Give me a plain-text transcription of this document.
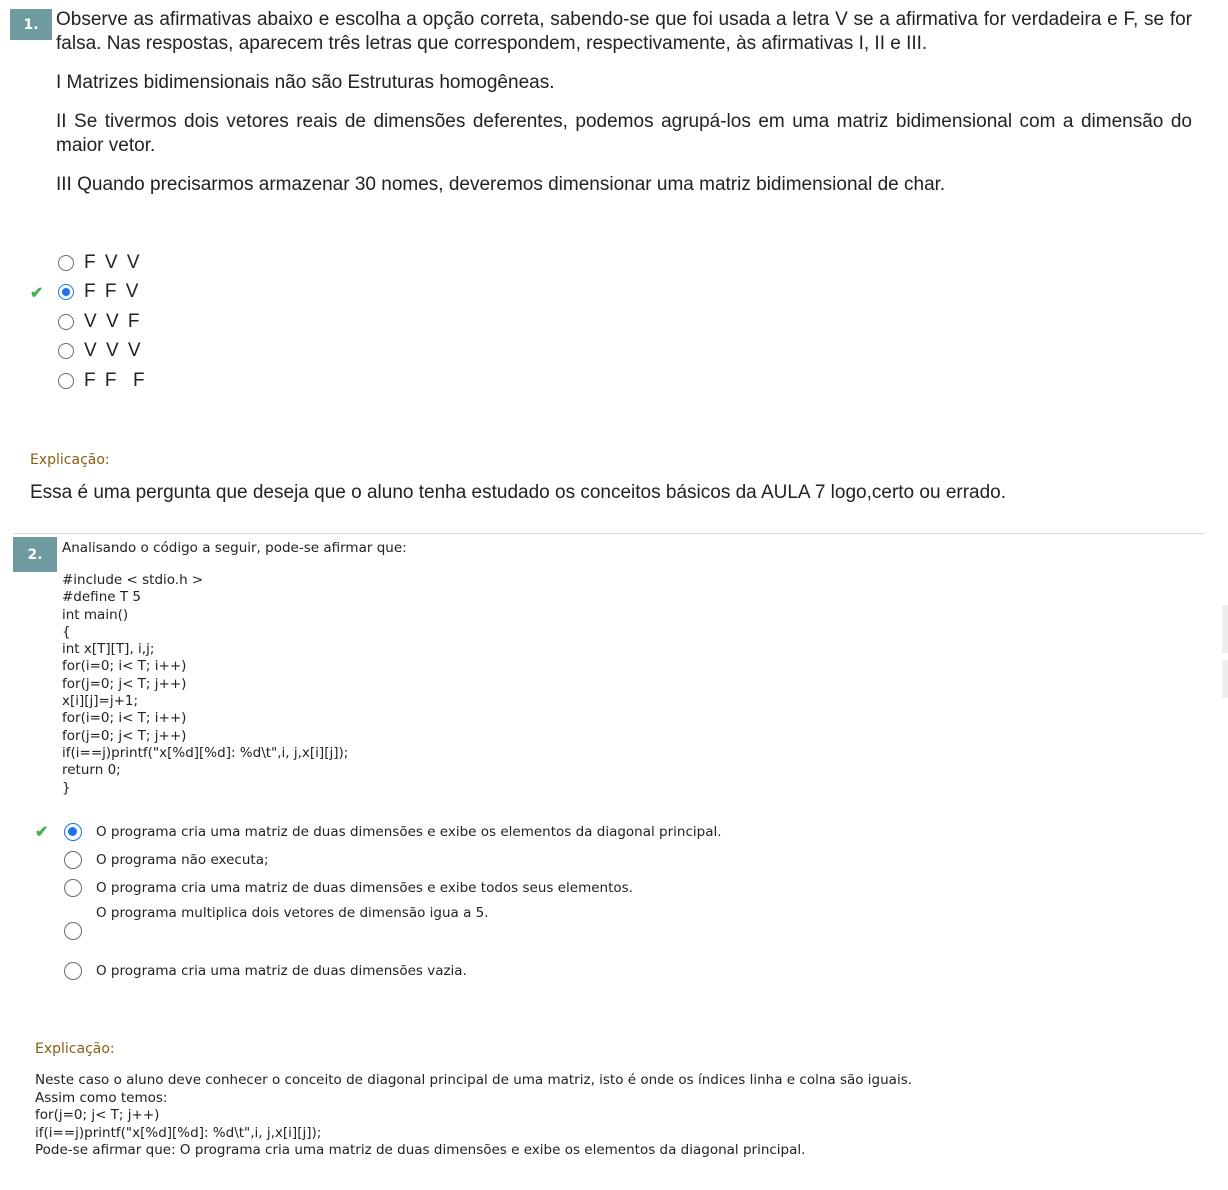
1. Observe as afirmativas abaixo e escolha a opção correta, sabendo-se que foi usada a letra V se a afirmativa for verdadeira e F, se for falsa. Nas respostas, aparecem três letras que correspondem, respectivamente, às afirmativas I, II e III.

I Matrizes bidimensionais não são Estruturas homogêneas.

II Se tivermos dois vetores reais de dimensões deferentes, podemos agrupá-los em uma matriz bidimensional com a dimensão do maior vetor.

III Quando precisarmos armazenar 30 nomes, deveremos dimensionar uma matriz bidimensional de char.

✔
F V V
F F V
V V F
V V V
F F  F
Explicação:

Essa é uma pergunta que deseja que o aluno tenha estudado os conceitos básicos da AULA 7 logo,certo ou errado.

2.	Analisando o código a seguir, pode-se afirmar que:

#include < stdio.h >
#define T 5
int main()
{
int x[T][T], i,j;
for(i=0; i< T; i++)
for(j=0; j< T; j++)
x[i][j]=j+1;
for(i=0; i< T; i++)
for(j=0; j< T; j++)
if(i==j)printf("x[%d][%d]: %d\t",i, j,x[i][j]);
return 0;
}
✔	O programa cria uma matriz de duas dimensões e exibe os elementos da diagonal principal.
O programa não executa;
O programa cria uma matriz de duas dimensões e exibe todos seus elementos.
O programa multiplica dois vetores de dimensão igua a 5.
O programa cria uma matriz de duas dimensões vazia.
Explicação:
Neste caso o aluno deve conhecer o conceito de diagonal principal de uma matriz, isto é onde os índices linha e colna são iguais.
Assim como temos:
for(j=0; j< T; j++)
if(i==j)printf("x[%d][%d]: %d\t",i, j,x[i][j]);
Pode-se afirmar que: O programa cria uma matriz de duas dimensões e exibe os elementos da diagonal principal.
